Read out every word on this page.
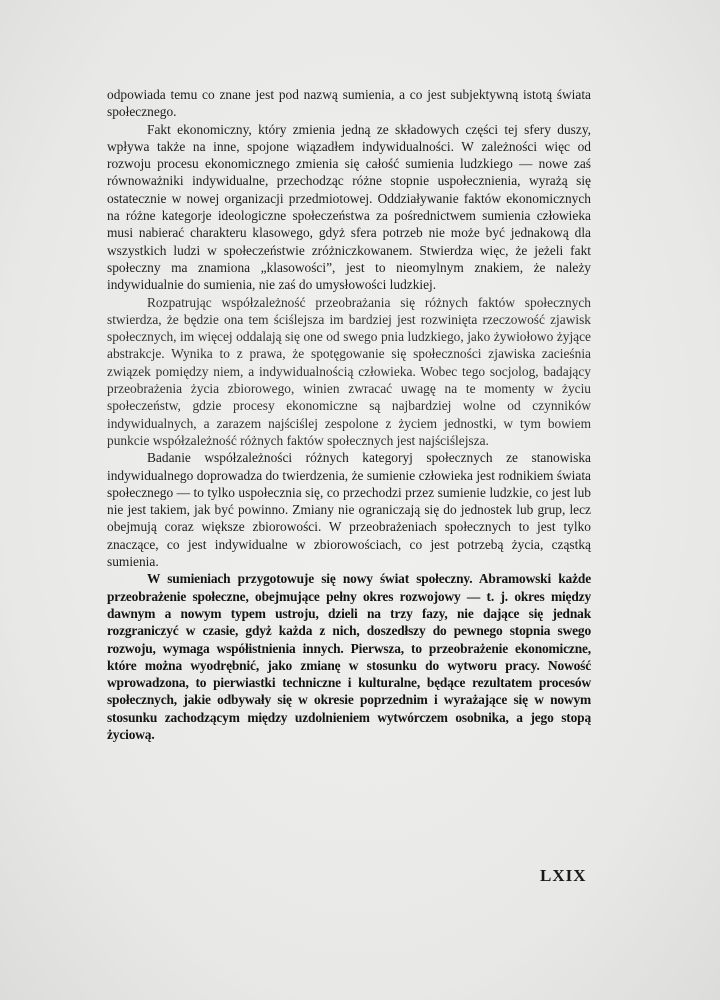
odpowiada temu co znane jest pod nazwą sumienia, a co jest subjektywną istotą świata społecznego.

Fakt ekonomiczny, który zmienia jedną ze składowych części tej sfery duszy, wpływa także na inne, spojone wiązadłem indywidualności. W zależności więc od rozwoju procesu ekonomicznego zmienia się całość sumienia ludzkiego — nowe zaś równoważniki indywidualne, przechodząc różne stopnie uspołecznienia, wyrażą się ostatecznie w nowej organizacji przedmiotowej. Oddziaływanie faktów ekonomicznych na różne kategorje ideologiczne społeczeństwa za pośrednictwem sumienia człowieka musi nabierać charakteru klasowego, gdyż sfera potrzeb nie może być jednakową dla wszystkich ludzi w społeczeństwie zróżniczkowanem. Stwierdza więc, że jeżeli fakt społeczny ma znamiona „klasowości”, jest to nieomylnym znakiem, że należy indywidualnie do sumienia, nie zaś do umysłowości ludzkiej.

Rozpatrując współzależność przeobrażania się różnych faktów społecznych stwierdza, że będzie ona tem ściślejsza im bardziej jest rozwinięta rzeczowość zjawisk społecznych, im więcej oddalają się one od swego pnia ludzkiego, jako żywiołowo żyjące abstrakcje. Wynika to z prawa, że spotęgowanie się społeczności zjawiska zacieśnia związek pomiędzy niem, a indywidualnością człowieka. Wobec tego socjolog, badający przeobrażenia życia zbiorowego, winien zwracać uwagę na te momenty w życiu społeczeństw, gdzie procesy ekonomiczne są najbardziej wolne od czynników indywidualnych, a zarazem najściślej zespolone z życiem jednostki, w tym bowiem punkcie współzależność różnych faktów społecznych jest najściślejsza.

Badanie współzależności różnych kategoryj społecznych ze stanowiska indywidualnego doprowadza do twierdzenia, że sumienie człowieka jest rodnikiem świata społecznego — to tylko uspołecznia się, co przechodzi przez sumienie ludzkie, co jest lub nie jest takiem, jak być powinno. Zmiany nie ograniczają się do jednostek lub grup, lecz obejmują coraz większe zbiorowości. W przeobrażeniach społecznych to jest tylko znaczące, co jest indywidualne w zbiorowościach, co jest potrzebą życia, cząstką sumienia.

W sumieniach przygotowuje się nowy świat społeczny. Abramowski każde przeobrażenie społeczne, obejmujące pełny okres rozwojowy — t. j. okres między dawnym a nowym typem ustroju, dzieli na trzy fazy, nie dające się jednak rozgraniczyć w czasie, gdyż każda z nich, doszedłszy do pewnego stopnia swego rozwoju, wymaga współistnienia innych. Pierwsza, to przeobrażenie ekonomiczne, które można wyodrębnić, jako zmianę w stosunku do wytworu pracy. Nowość wprowadzona, to pierwiastki techniczne i kulturalne, będące rezultatem procesów społecznych, jakie odbywały się w okresie poprzednim i wyrażające się w nowym stosunku zachodzącym między uzdolnieniem wytwórczem osobnika, a jego stopą życiową.

LXIX
